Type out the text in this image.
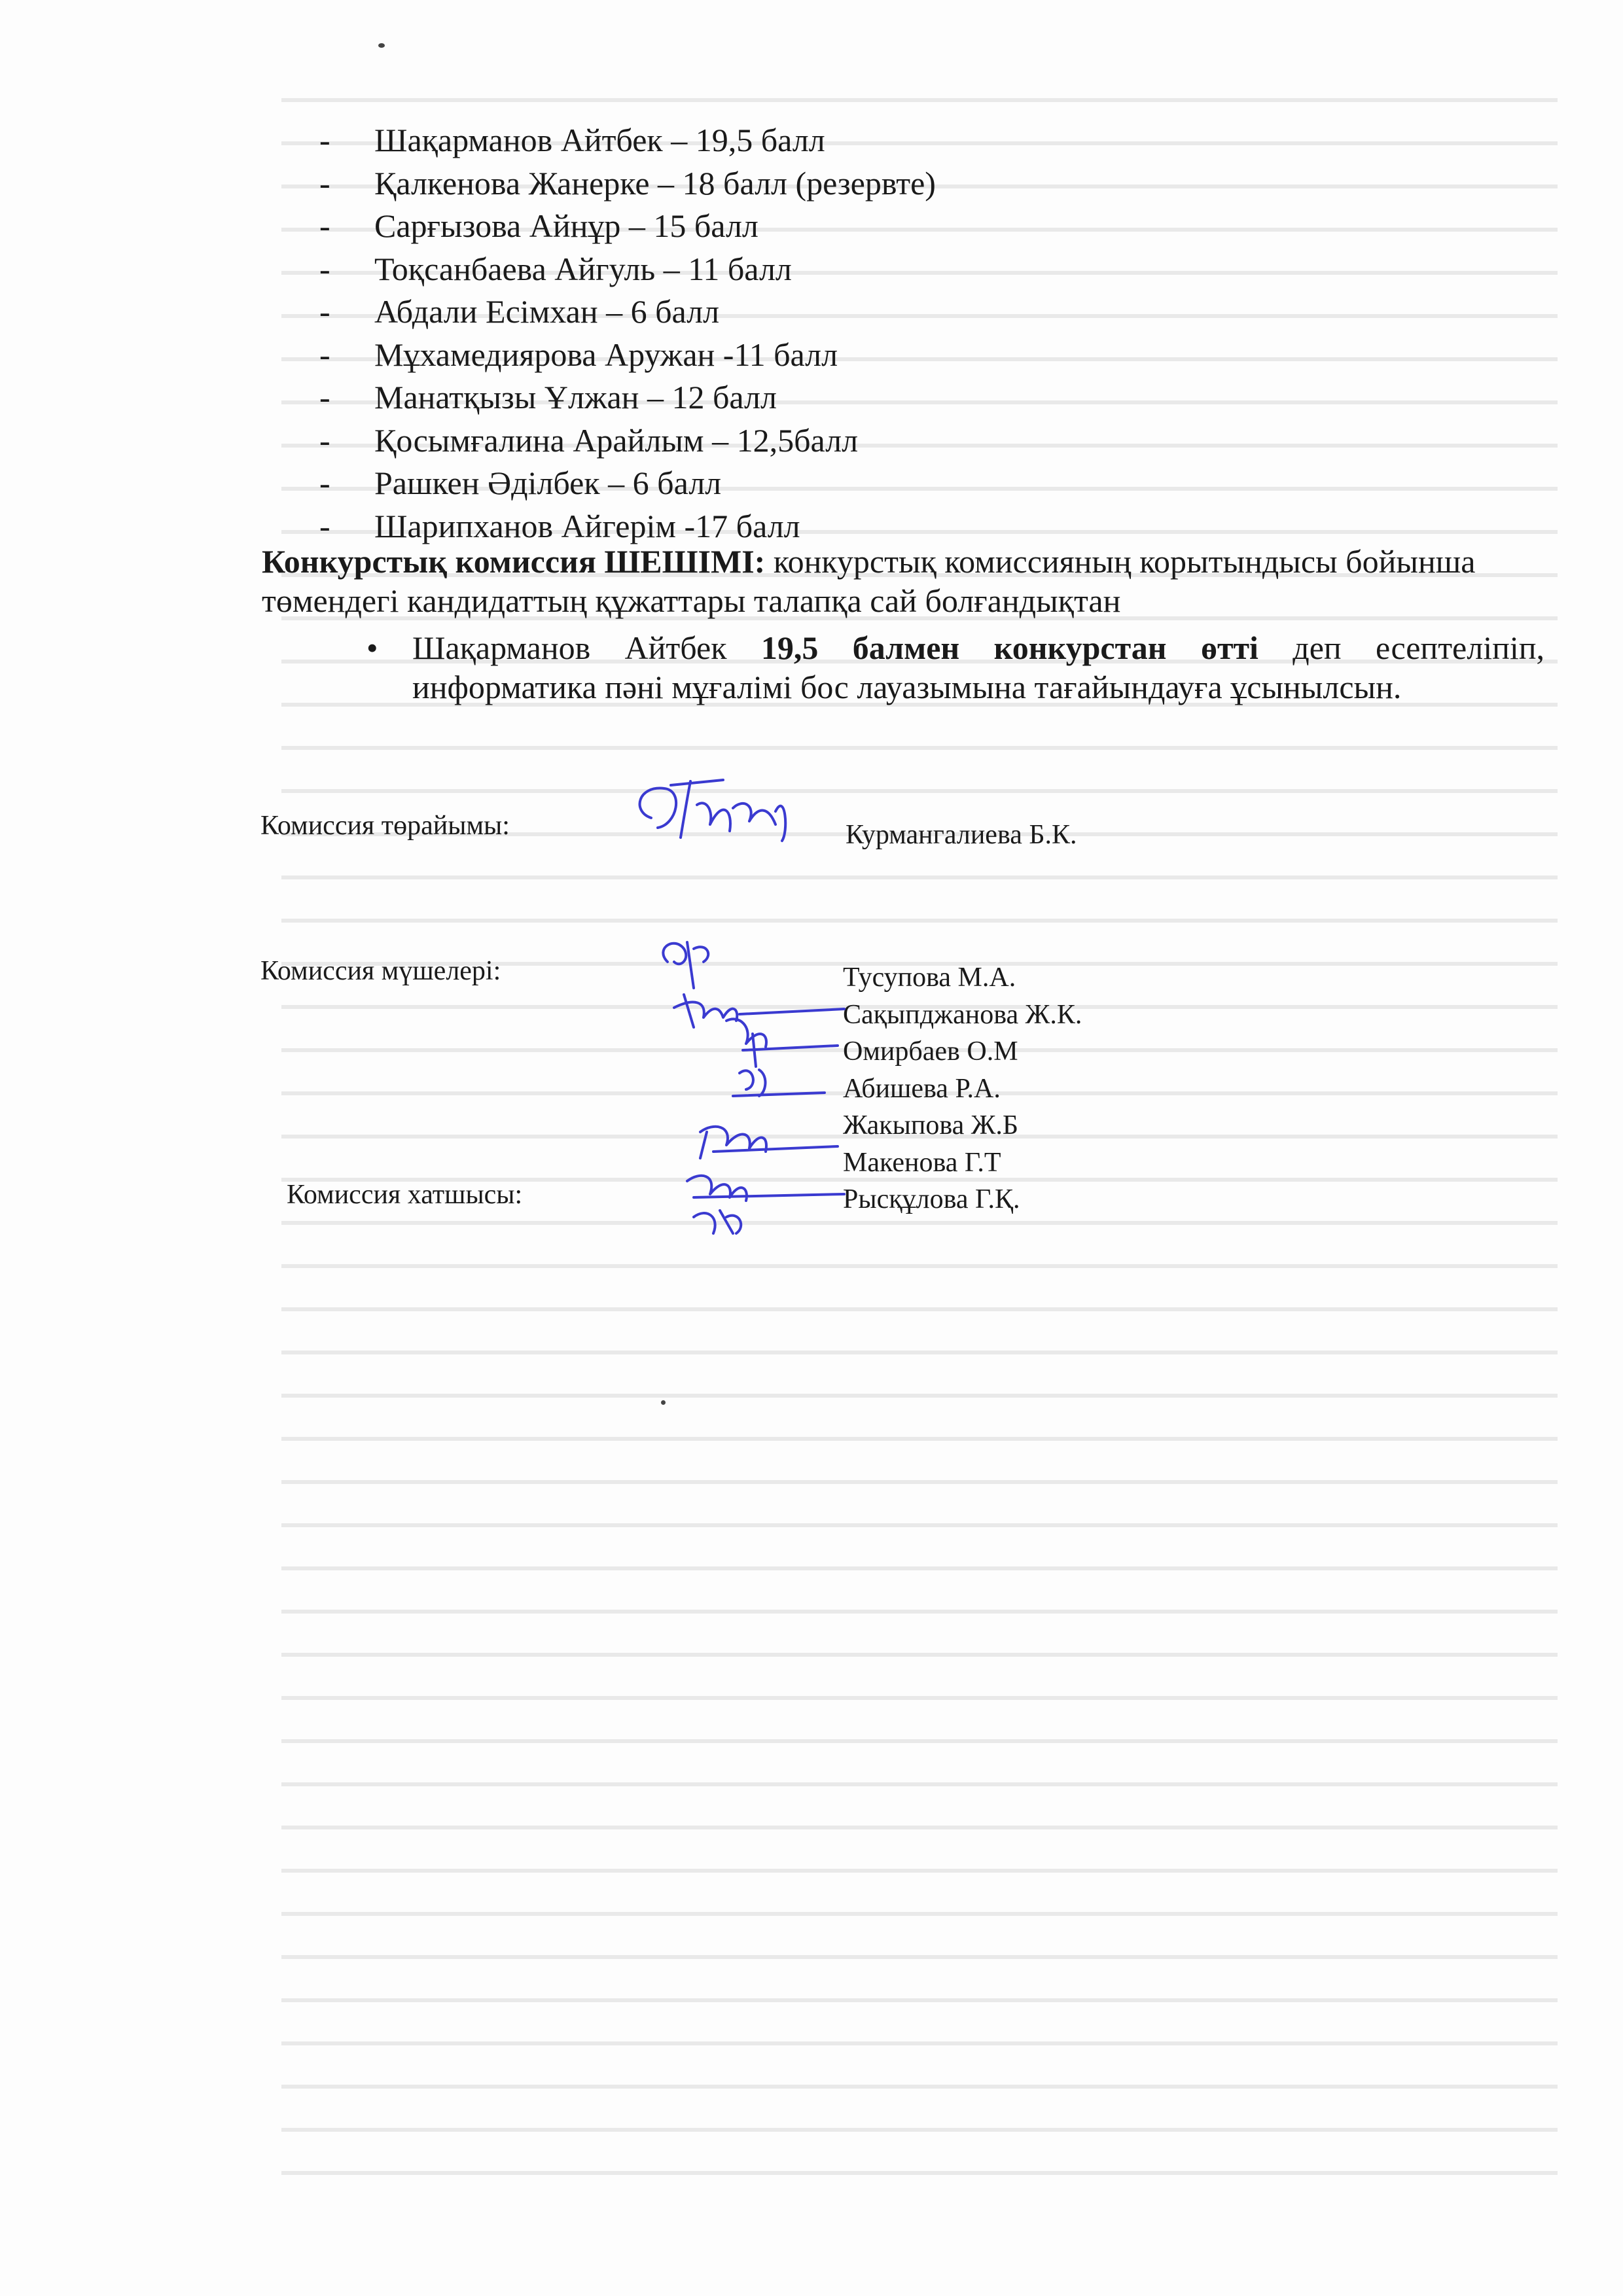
- Шақарманов Айтбек – 19,5 балл
- Қалкенова Жанерке – 18 балл (резервте)
- Сарғызова Айнұр – 15 балл
- Тоқсанбаева Айгуль – 11 балл
- Абдали Есімхан – 6 балл
- Мұхамедиярова Аружан -11 балл
- Манатқызы Ұлжан – 12 балл
- Қосымғалина Арайлым – 12,5балл
- Рашкен Әділбек – 6 балл
- Шарипханов Айгерім -17 балл

Конкурстық комиссия ШЕШІМІ: конкурстық комиссияның корытындысы бойынша төмендегі кандидаттың құжаттары талапқа сай болғандықтан

• Шақарманов Айтбек 19,5 балмен конкурстан өтті деп есептеліпіп, информатика пәні мұғалімі бос лауазымына тағайындауға ұсынылсын.
Комиссия төрайымы:	Курмангалиева Б.К.
Комиссия мүшелері:
Комиссия хатшысы:
Тусупова М.А.
Сақыпджанова Ж.К.
Омирбаев О.М
Абишева Р.А.
Жакыпова Ж.Б
Макенова Г.Т
Рысқұлова Г.Қ.
